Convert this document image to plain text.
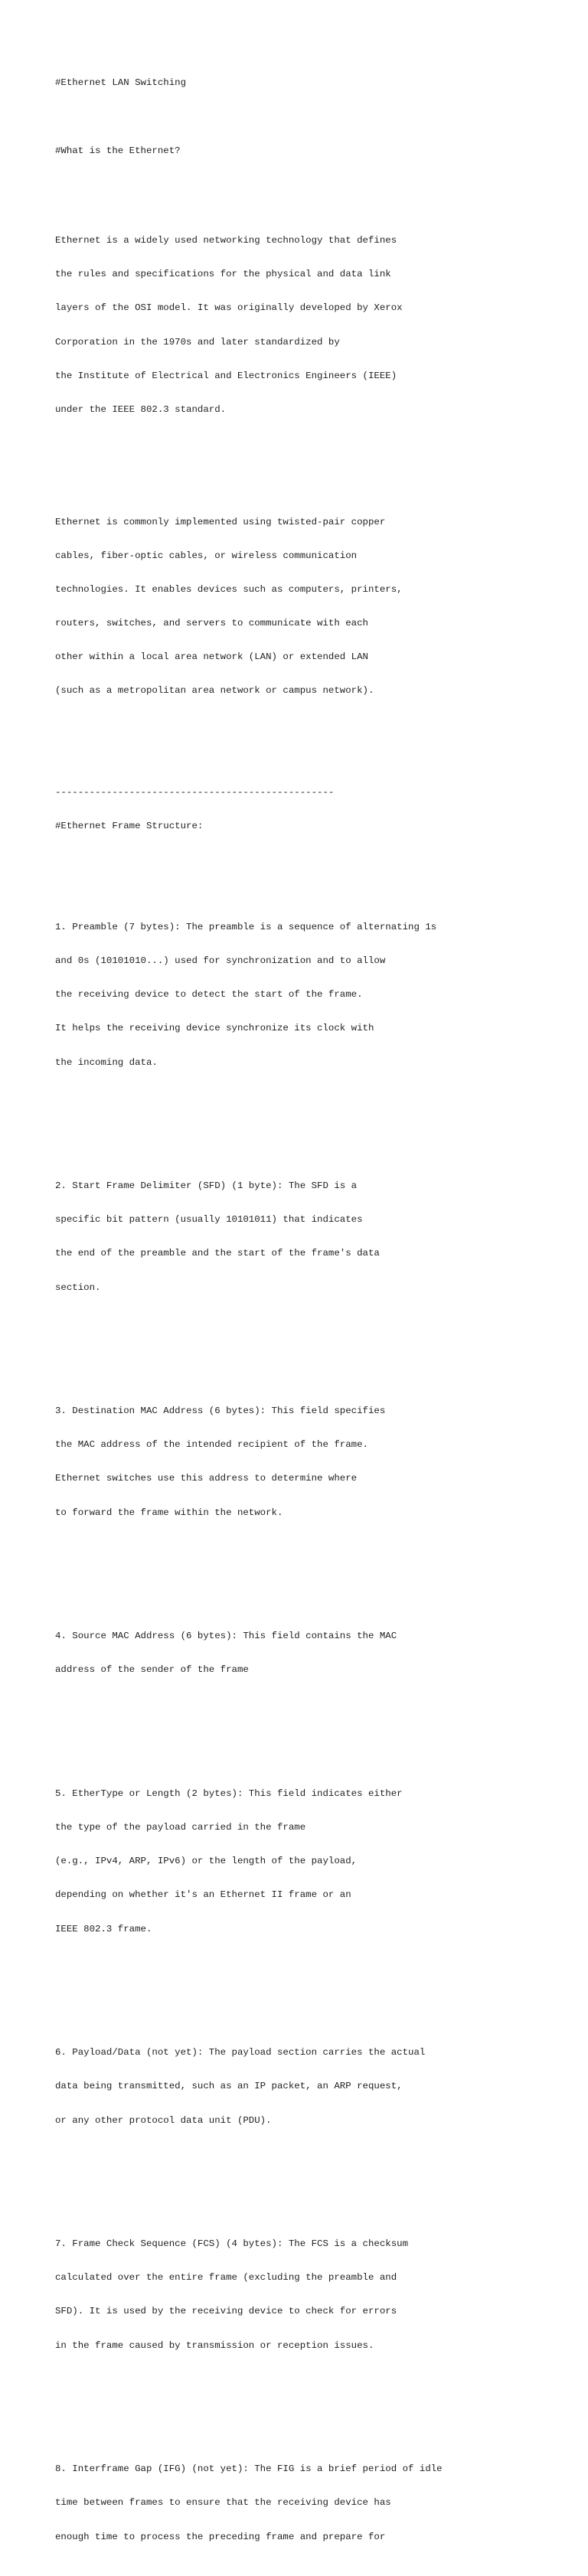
#Ethernet LAN Switching

#What is the Ethernet?

Ethernet is a widely used networking technology that defines

the rules and specifications for the physical and data link

layers of the OSI model. It was originally developed by Xerox

Corporation in the 1970s and later standardized by

the Institute of Electrical and Electronics Engineers (IEEE)

under the IEEE 802.3 standard.

Ethernet is commonly implemented using twisted-pair copper

cables, fiber-optic cables, or wireless communication

technologies. It enables devices such as computers, printers,

routers, switches, and servers to communicate with each

other within a local area network (LAN) or extended LAN

(such as a metropolitan area network or campus network).

-------------------------------------------------

#Ethernet Frame Structure:

1. Preamble (7 bytes): The preamble is a sequence of alternating 1s

and 0s (10101010...) used for synchronization and to allow

the receiving device to detect the start of the frame.

It helps the receiving device synchronize its clock with

the incoming data.

2. Start Frame Delimiter (SFD) (1 byte): The SFD is a

specific bit pattern (usually 10101011) that indicates

the end of the preamble and the start of the frame's data

section.

3. Destination MAC Address (6 bytes): This field specifies

the MAC address of the intended recipient of the frame.

Ethernet switches use this address to determine where

to forward the frame within the network.

4. Source MAC Address (6 bytes): This field contains the MAC

address of the sender of the frame

5. EtherType or Length (2 bytes): This field indicates either

the type of the payload carried in the frame

(e.g., IPv4, ARP, IPv6) or the length of the payload,

depending on whether it's an Ethernet II frame or an

IEEE 802.3 frame.

6. Payload/Data (not yet): The payload section carries the actual

data being transmitted, such as an IP packet, an ARP request,

or any other protocol data unit (PDU).

7. Frame Check Sequence (FCS) (4 bytes): The FCS is a checksum

calculated over the entire frame (excluding the preamble and

SFD). It is used by the receiving device to check for errors

in the frame caused by transmission or reception issues.

8. Interframe Gap (IFG) (not yet): The FIG is a brief period of idle

time between frames to ensure that the receiving device has

enough time to process the preceding frame and prepare for
